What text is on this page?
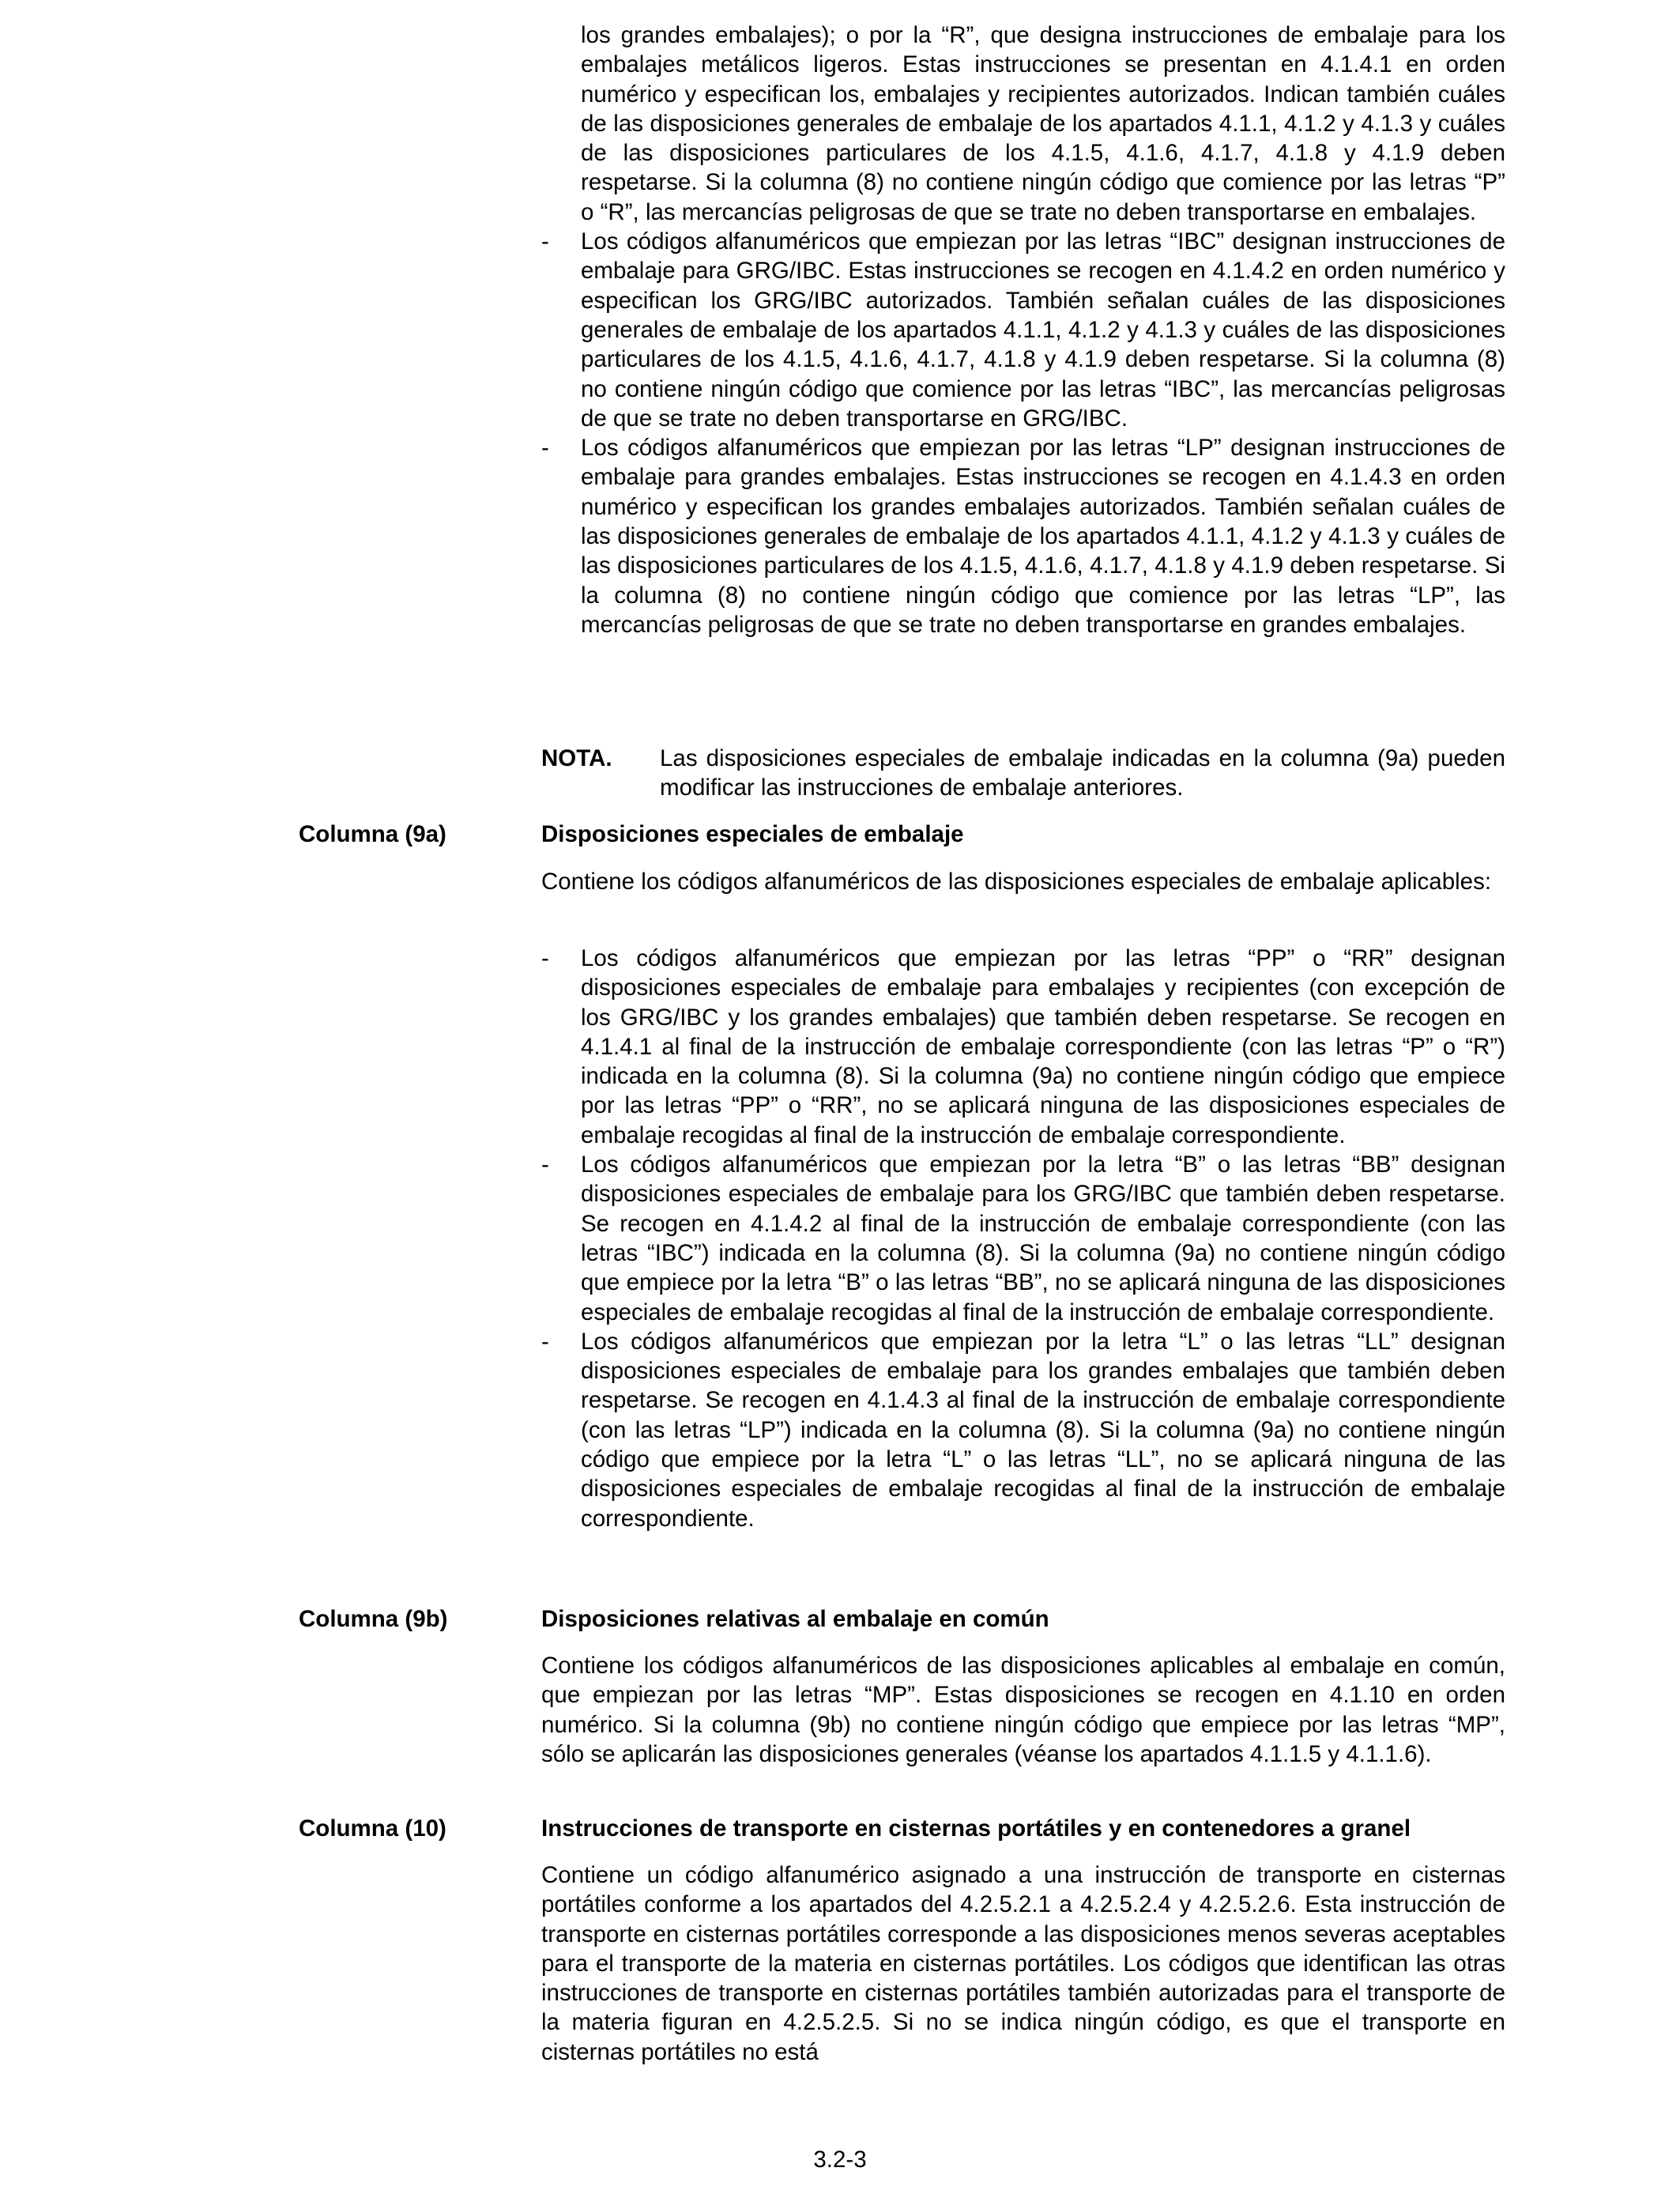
los grandes embalajes); o por la “R”, que designa instrucciones de embalaje para los embalajes metálicos ligeros. Estas instrucciones se presentan en 4.1.4.1 en orden numérico y especifican los, embalajes y recipientes autorizados. Indican también cuáles de las disposiciones generales de embalaje de los apartados 4.1.1, 4.1.2 y 4.1.3 y cuáles de las disposiciones particulares de los 4.1.5, 4.1.6, 4.1.7, 4.1.8 y 4.1.9 deben respetarse. Si la columna (8) no contiene ningún código que comience por las letras “P” o “R”, las mercancías peligrosas de que se trate no deben transportarse en embalajes.

- Los códigos alfanuméricos que empiezan por las letras “IBC” designan instrucciones de embalaje para GRG/IBC. Estas instrucciones se recogen en 4.1.4.2 en orden numérico y especifican los GRG/IBC autorizados. También señalan cuáles de las disposiciones generales de embalaje de los apartados 4.1.1, 4.1.2 y 4.1.3 y cuáles de las disposiciones particulares de los 4.1.5, 4.1.6, 4.1.7, 4.1.8 y 4.1.9 deben respetarse. Si la columna (8) no contiene ningún código que comience por las letras “IBC”, las mercancías peligrosas de que se trate no deben transportarse en GRG/IBC.

- Los códigos alfanuméricos que empiezan por las letras “LP” designan instrucciones de embalaje para grandes embalajes. Estas instrucciones se recogen en 4.1.4.3 en orden numérico y especifican los grandes embalajes autorizados. También señalan cuáles de las disposiciones generales de embalaje de los apartados 4.1.1, 4.1.2 y 4.1.3 y cuáles de las disposiciones particulares de los 4.1.5, 4.1.6, 4.1.7, 4.1.8 y 4.1.9 deben respetarse. Si la columna (8) no contiene ningún código que comience por las letras “LP”, las mercancías peligrosas de que se trate no deben transportarse en grandes embalajes.

NOTA. Las disposiciones especiales de embalaje indicadas en la columna (9a) pueden modificar las instrucciones de embalaje anteriores.

Columna (9a)	Disposiciones especiales de embalaje

Contiene los códigos alfanuméricos de las disposiciones especiales de embalaje aplicables:

- Los códigos alfanuméricos que empiezan por las letras “PP” o “RR” designan disposiciones especiales de embalaje para embalajes y recipientes (con excepción de los GRG/IBC y los grandes embalajes) que también deben respetarse. Se recogen en 4.1.4.1 al final de la instrucción de embalaje correspondiente (con las letras “P” o “R”) indicada en la columna (8). Si la columna (9a) no contiene ningún código que empiece por las letras “PP” o “RR”, no se aplicará ninguna de las disposiciones especiales de embalaje recogidas al final de la instrucción de embalaje correspondiente.

- Los códigos alfanuméricos que empiezan por la letra “B” o las letras “BB” designan disposiciones especiales de embalaje para los GRG/IBC que también deben respetarse. Se recogen en 4.1.4.2 al final de la instrucción de embalaje correspondiente (con las letras “IBC”) indicada en la columna (8). Si la columna (9a) no contiene ningún código que empiece por la letra “B” o las letras “BB”, no se aplicará ninguna de las disposiciones especiales de embalaje recogidas al final de la instrucción de embalaje correspondiente.

- Los códigos alfanuméricos que empiezan por la letra “L” o las letras “LL” designan disposiciones especiales de embalaje para los grandes embalajes que también deben respetarse. Se recogen en 4.1.4.3 al final de la instrucción de embalaje correspondiente (con las letras “LP”) indicada en la columna (8). Si la columna (9a) no contiene ningún código que empiece por la letra “L” o las letras “LL”, no se aplicará ninguna de las disposiciones especiales de embalaje recogidas al final de la instrucción de embalaje correspondiente.

Columna (9b)	Disposiciones relativas al embalaje en común

Contiene los códigos alfanuméricos de las disposiciones aplicables al embalaje en común, que empiezan por las letras “MP”. Estas disposiciones se recogen en 4.1.10 en orden numérico. Si la columna (9b) no contiene ningún código que empiece por las letras “MP”, sólo se aplicarán las disposiciones generales (véanse los apartados 4.1.1.5 y 4.1.1.6).

Columna (10)	Instrucciones de transporte en cisternas portátiles y en contenedores a granel

Contiene un código alfanumérico asignado a una instrucción de transporte en cisternas portátiles conforme a los apartados del 4.2.5.2.1 a 4.2.5.2.4 y 4.2.5.2.6. Esta instrucción de transporte en cisternas portátiles corresponde a las disposiciones menos severas aceptables para el transporte de la materia en cisternas portátiles. Los códigos que identifican las otras instrucciones de transporte en cisternas portátiles también autorizadas para el transporte de la materia figuran en 4.2.5.2.5. Si no se indica ningún código, es que el transporte en cisternas portátiles no está

3.2-3
